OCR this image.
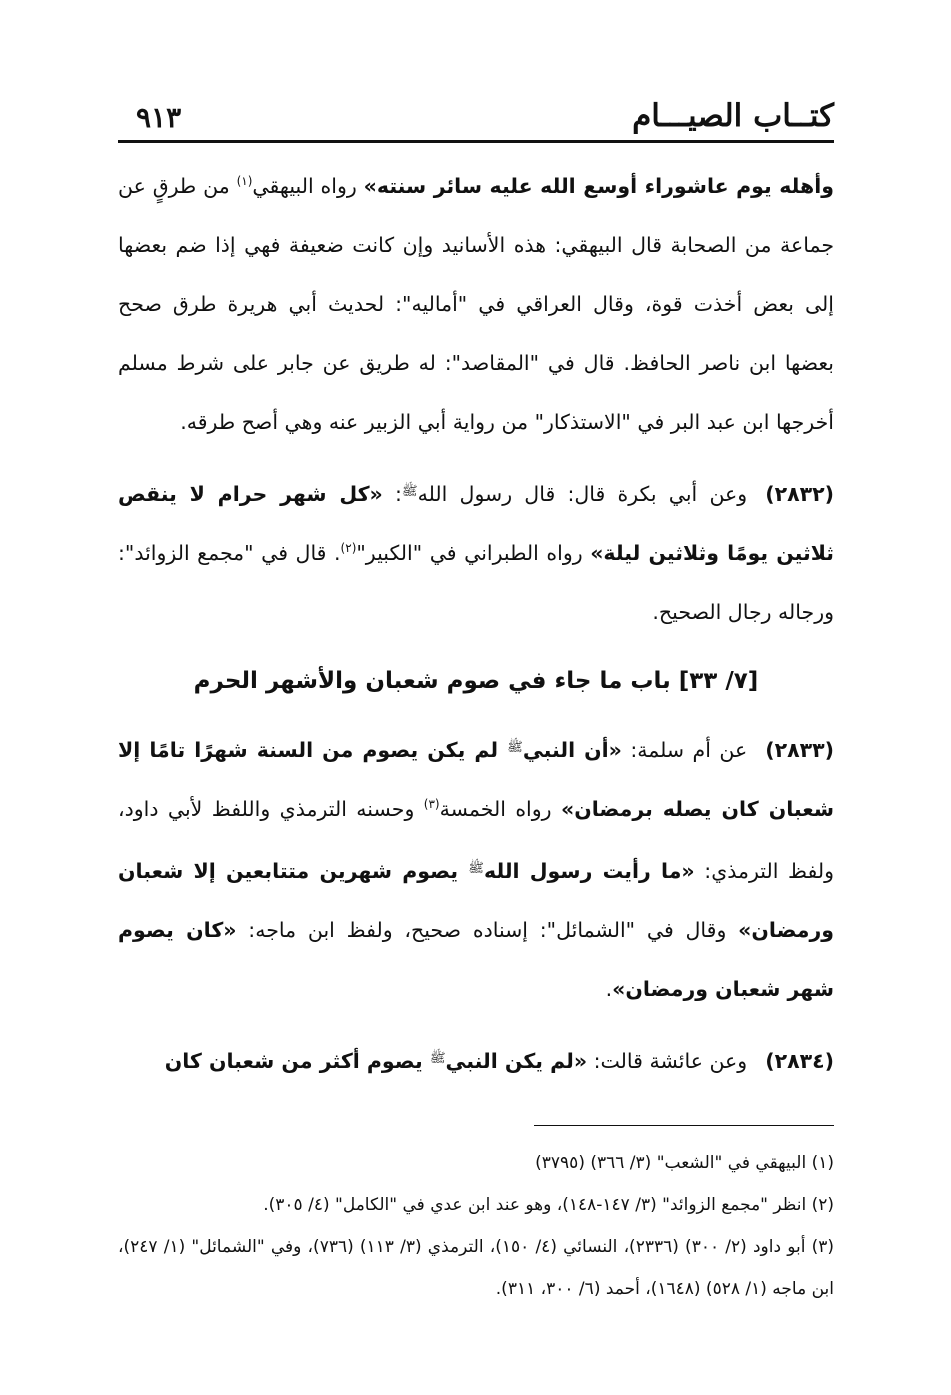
كتــاب الصيـــام
٩١٣

وأهله يوم عاشوراء أوسع الله عليه سائر سنته» رواه البيهقي$^{(١)}$ من طرقٍ عن جماعة من الصحابة قال البيهقي: هذه الأسانيد وإن كانت ضعيفة فهي إذا ضم بعضها إلى بعض أخذت قوة، وقال العراقي في "أماليه": لحديث أبي هريرة طرق صحح بعضها ابن ناصر الحافظ. قال في "المقاصد": له طريق عن جابر على شرط مسلم أخرجها ابن عبد البر في "الاستذكار" من رواية أبي الزبير عنه وهي أصح طرقه.

(٢٨٣٢)وعن أبي بكرة قال: قال رسول الله$^ﷺ$: «كل شهر حرام لا ينقص ثلاثين يومًا وثلاثين ليلة» رواه الطبراني في "الكبير"$^{(٢)}$. قال في "مجمع الزوائد": ورجاله رجال الصحيح.

[٧/ ٣٣] باب ما جاء في صوم شعبان والأشهر الحرم

(٢٨٣٣)عن أم سلمة: «أن النبي$^ﷺ$ لم يكن يصوم من السنة شهرًا تامًا إلا شعبان كان يصله برمضان» رواه الخمسة$^{(٣)}$ وحسنه الترمذي واللفظ لأبي داود، ولفظ الترمذي: «ما رأيت رسول الله$^ﷺ$ يصوم شهرين متتابعين إلا شعبان ورمضان» وقال في "الشمائل": إسناده صحيح، ولفظ ابن ماجه: «كان يصوم شهر شعبان ورمضان».

(٢٨٣٤)وعن عائشة قالت: «لم يكن النبي$^ﷺ$ يصوم أكثر من شعبان كان

(١) البيهقي في "الشعب" (٣/ ٣٦٦) (٣٧٩٥)

(٢) انظر "مجمع الزوائد" (٣/ ١٤٧-١٤٨)، وهو عند ابن عدي في "الكامل" (٤/ ٣٠٥).

(٣) أبو داود (٢/ ٣٠٠) (٢٣٣٦)، النسائي (٤/ ١٥٠)، الترمذي (٣/ ١١٣) (٧٣٦)، وفي "الشمائل" (١/ ٢٤٧)، ابن ماجه (١/ ٥٢٨) (١٦٤٨)، أحمد (٦/ ٣٠٠، ٣١١).
